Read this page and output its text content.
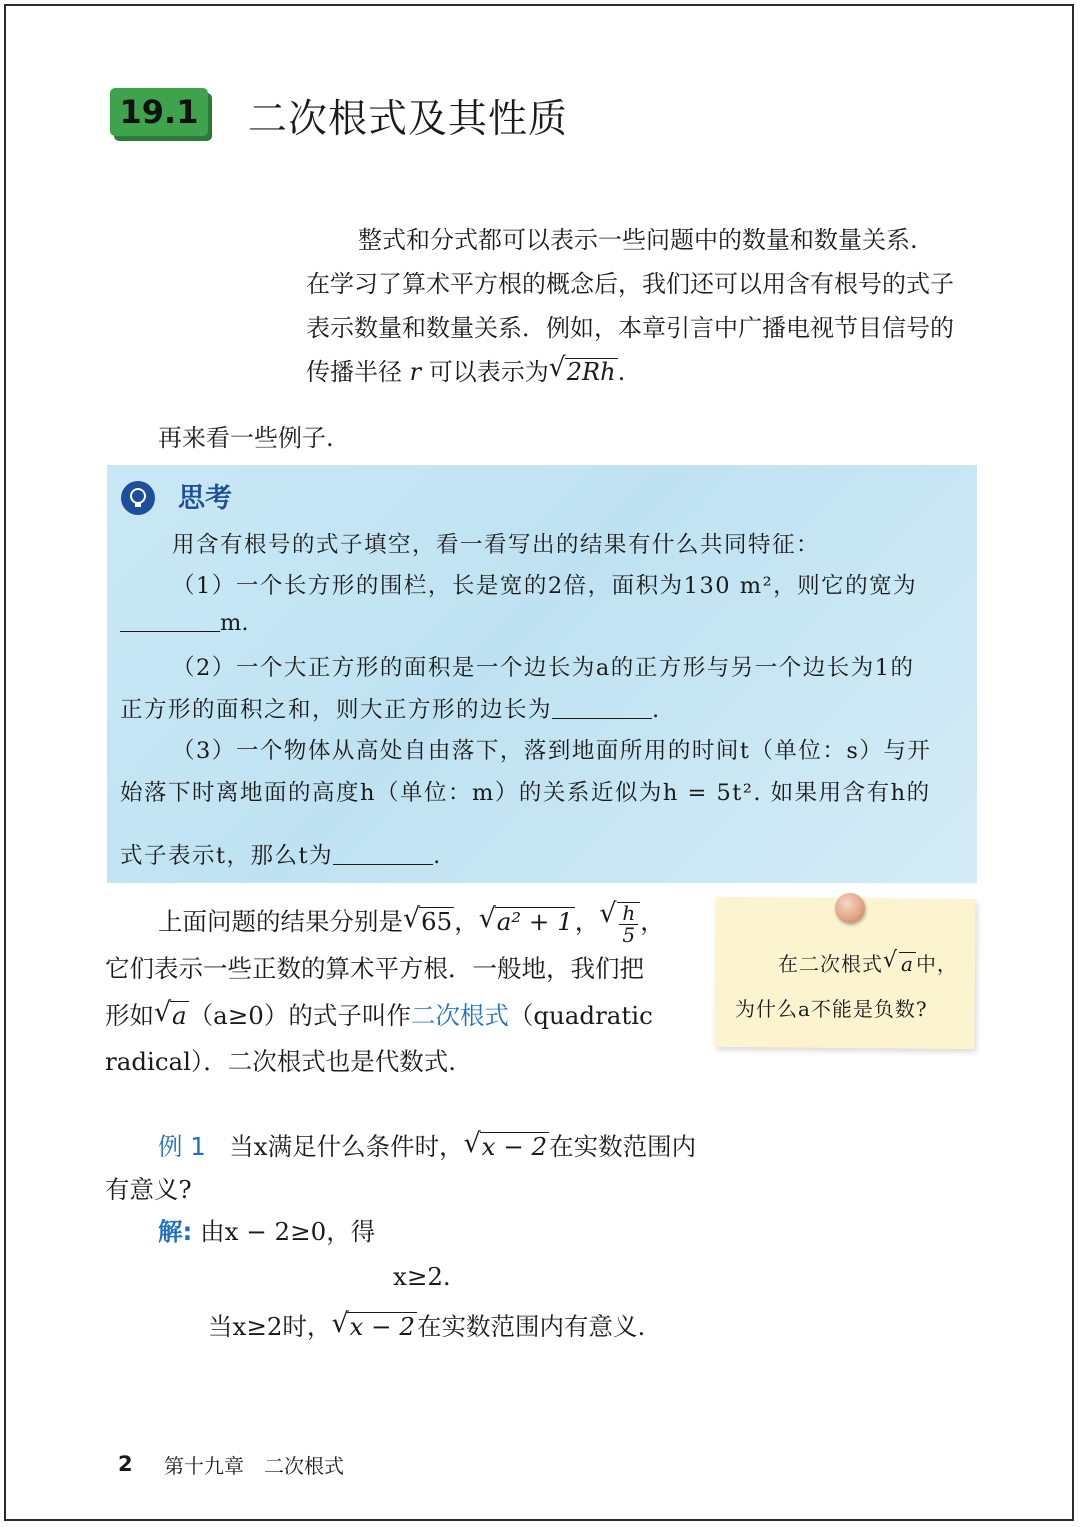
19.1 二次根式及其性质
整式和分式都可以表示一些问题中的数量和数量关系.
在学习了算术平方根的概念后，我们还可以用含有根号的式子
表示数量和数量关系．例如，本章引言中广播电视节目信号的
传播半径 r 可以表示为 √ 2Rh.
再来看一些例子.
思考
用含有根号的式子填空，看一看写出的结果有什么共同特征：
（1）一个长方形的围栏，长是宽的2倍，面积为130 m²，则它的宽为
m.
（2）一个大正方形的面积是一个边长为a的正方形与另一个边长为1的
正方形的面积之和，则大正方形的边长为	.
（3）一个物体从高处自由落下，落到地面所用的时间t（单位：s）与开
始落下时离地面的高度h（单位：m）的关系近似为h = 5t². 如果用含有h的
式子表示t，那么t为	.
上面问题的结果分别是 √ 65， √ a² + 1， √ $\frac{h}{5}$ ，
它们表示一些正数的算术平方根．一般地，我们把
形如 √ a（a≥0）的式子叫作二次根式（quadratic
radical）．二次根式也是代数式.
在二次根式 √ a 中，
为什么a不能是负数?
例 1 当x满足什么条件时， √ x − 2在实数范围内
有意义?
解: 由x − 2≥0，得
x≥2.
当x≥2时， √ x − 2在实数范围内有意义.
2 第十九章　二次根式
